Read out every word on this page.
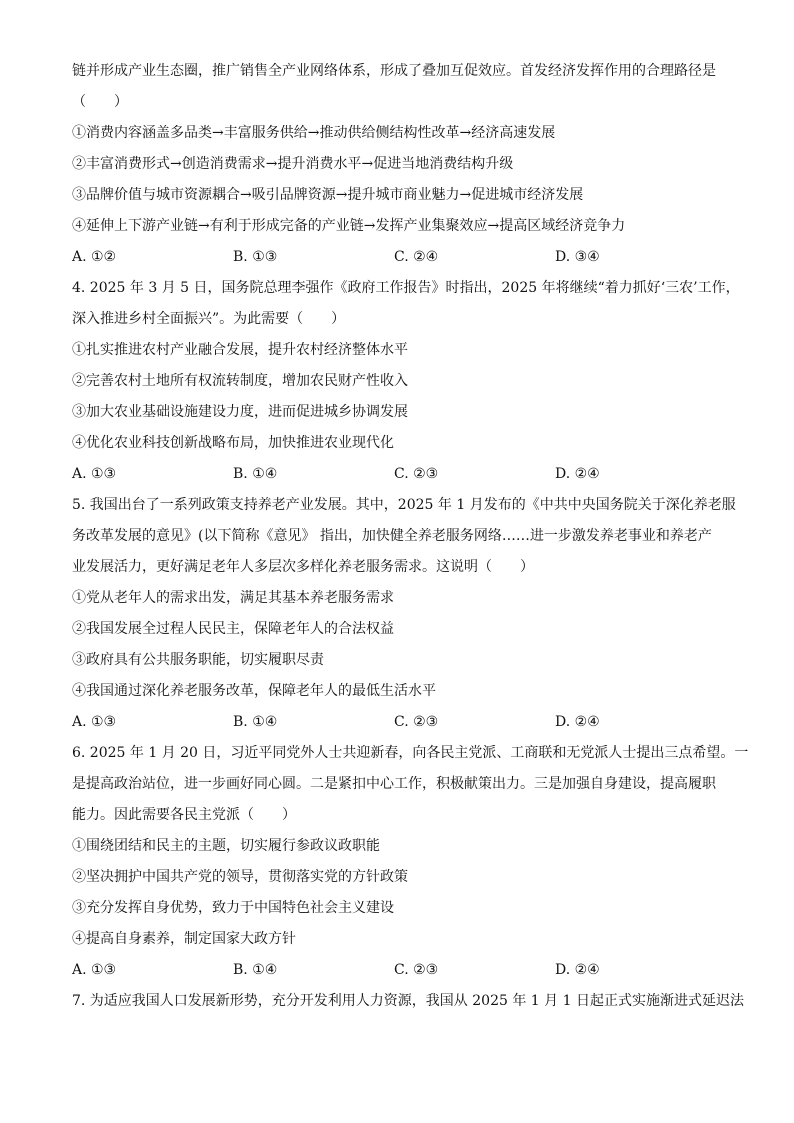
链并形成产业生态圈，推广销售全产业网络体系，形成了叠加互促效应。首发经济发挥作用的合理路径是
（　　）
①消费内容涵盖多品类→丰富服务供给→推动供给侧结构性改革→经济高速发展
②丰富消费形式→创造消费需求→提升消费水平→促进当地消费结构升级
③品牌价值与城市资源耦合→吸引品牌资源→提升城市商业魅力→促进城市经济发展
④延伸上下游产业链→有利于形成完备的产业链→发挥产业集聚效应→提高区域经济竞争力
A. ①②	B. ①③	C. ②④	D. ③④
4. 2025 年 3 月 5 日，国务院总理李强作《政府工作报告》时指出，2025 年将继续“着力抓好‘三农’工作，
深入推进乡村全面振兴”。为此需要（　　）
①扎实推进农村产业融合发展，提升农村经济整体水平
②完善农村土地所有权流转制度，增加农民财产性收入
③加大农业基础设施建设力度，进而促进城乡协调发展
④优化农业科技创新战略布局，加快推进农业现代化
A. ①③	B. ①④	C. ②③	D. ②④
5. 我国出台了一系列政策支持养老产业发展。其中，2025 年 1 月发布的《中共中央国务院关于深化养老服
务改革发展的意见》(以下简称《意见》 指出，加快健全养老服务网络……进一步激发养老事业和养老产
业发展活力，更好满足老年人多层次多样化养老服务需求。这说明（　　）
①党从老年人的需求出发，满足其基本养老服务需求
②我国发展全过程人民民主，保障老年人的合法权益
③政府具有公共服务职能，切实履职尽责
④我国通过深化养老服务改革，保障老年人的最低生活水平
A. ①③	B. ①④	C. ②③	D. ②④
6. 2025 年 1 月 20 日，习近平同党外人士共迎新春，向各民主党派、工商联和无党派人士提出三点希望。一
是提高政治站位，进一步画好同心圆。二是紧扣中心工作，积极献策出力。三是加强自身建设，提高履职
能力。因此需要各民主党派（　　）
①围绕团结和民主的主题，切实履行参政议政职能
②坚决拥护中国共产党的领导，贯彻落实党的方针政策
③充分发挥自身优势，致力于中国特色社会主义建设
④提高自身素养，制定国家大政方针
A. ①③	B. ①④	C. ②③	D. ②④
7. 为适应我国人口发展新形势，充分开发利用人力资源，我国从 2025 年 1 月 1 日起正式实施渐进式延迟法
